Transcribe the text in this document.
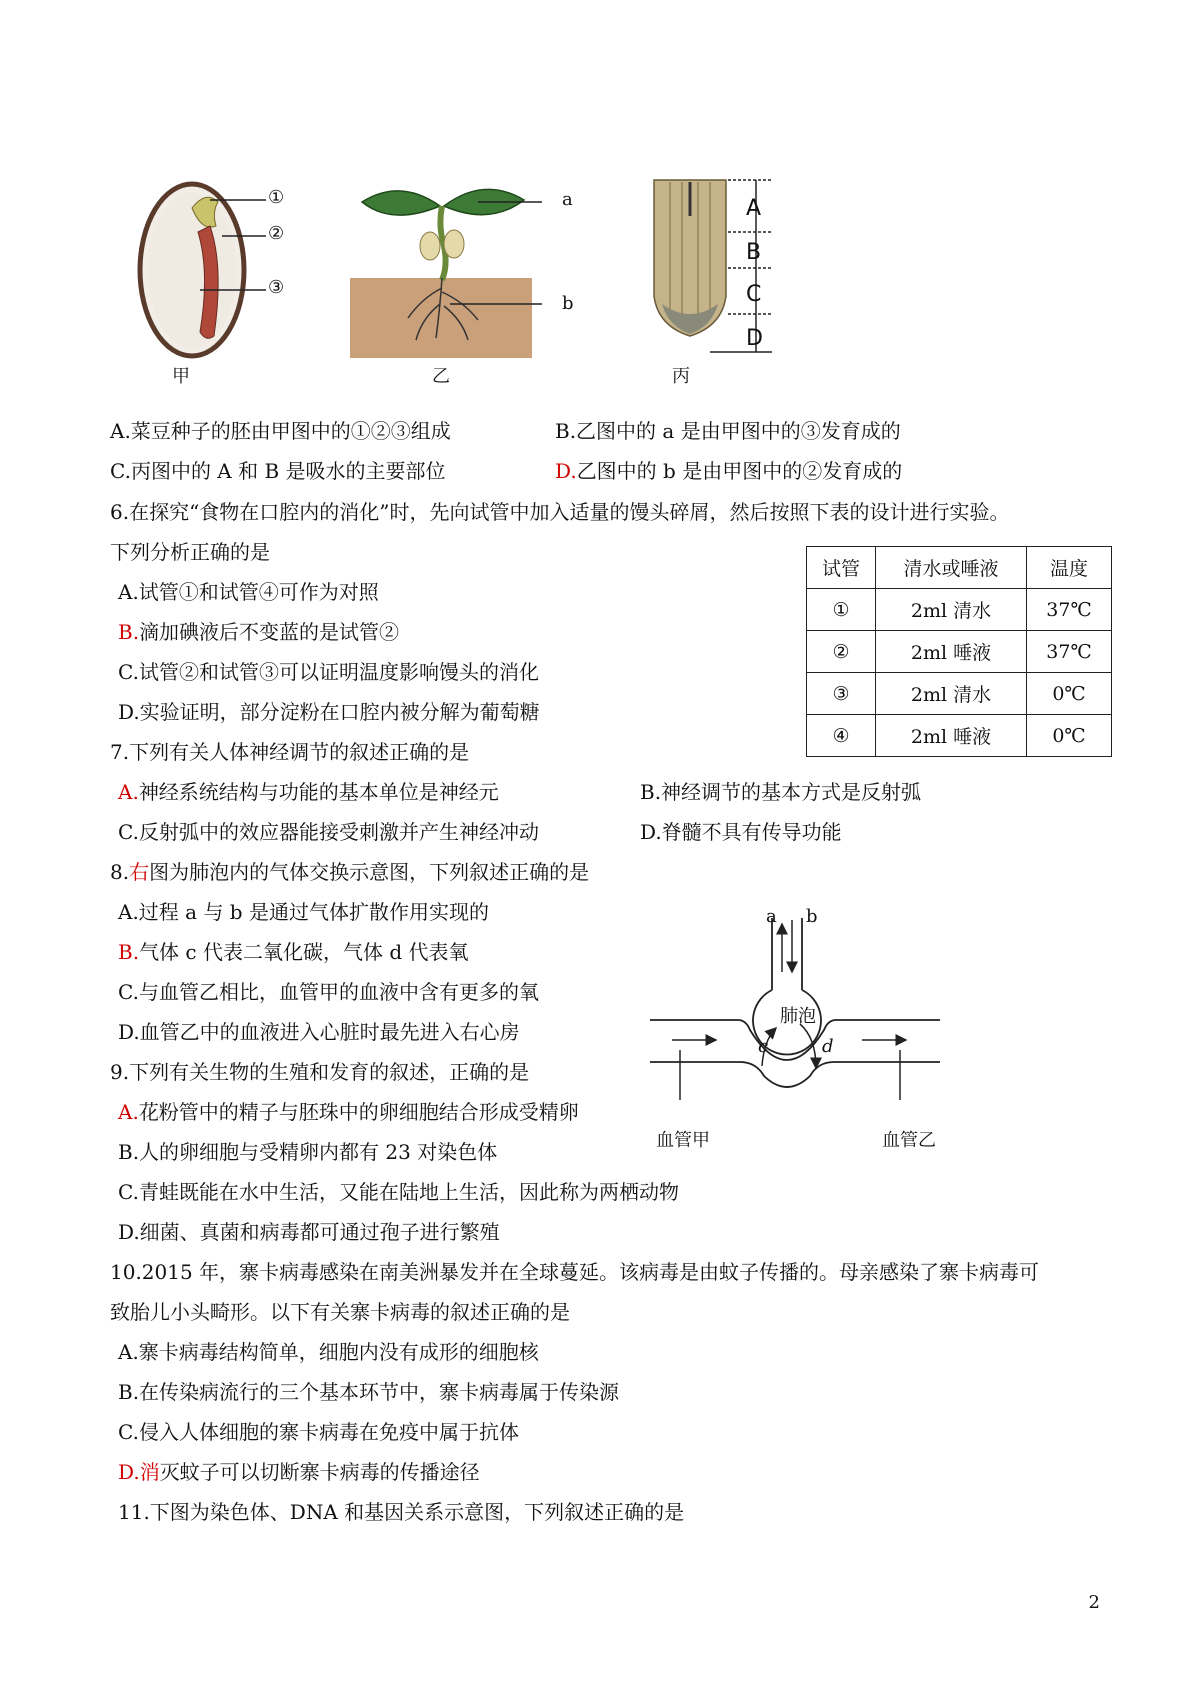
①
②
③
甲
a
b
乙
A
B
C
D
丙
A.菜豆种子的胚由甲图中的①②③组成	B.乙图中的 a 是由甲图中的③发育成的
C.丙图中的 A 和 B 是吸水的主要部位	D.乙图中的 b 是由甲图中的②发育成的
6.在探究“食物在口腔内的消化”时，先向试管中加入适量的馒头碎屑，然后按照下表的设计进行实验。
下列分析正确的是
A.试管①和试管④可作为对照
B.滴加碘液后不变蓝的是试管②
C.试管②和试管③可以证明温度影响馒头的消化
D.实验证明，部分淀粉在口腔内被分解为葡萄糖
试管	清水或唾液	温度
①	2ml 清水	37℃
②	2ml 唾液	37℃
③	2ml 清水	0℃
④	2ml 唾液	0℃
7.下列有关人体神经调节的叙述正确的是
A.神经系统结构与功能的基本单位是神经元	B.神经调节的基本方式是反射弧
C.反射弧中的效应器能接受刺激并产生神经冲动	D.脊髓不具有传导功能
8.右图为肺泡内的气体交换示意图，下列叙述正确的是
A.过程 a 与 b 是通过气体扩散作用实现的
B.气体 c 代表二氧化碳，气体 d 代表氧
C.与血管乙相比，血管甲的血液中含有更多的氧
D.血管乙中的血液进入心脏时最先进入右心房
a b
肺泡
c	d
血管甲	血管乙
9.下列有关生物的生殖和发育的叙述，正确的是
A.花粉管中的精子与胚珠中的卵细胞结合形成受精卵
B.人的卵细胞与受精卵内都有 23 对染色体
C.青蛙既能在水中生活，又能在陆地上生活，因此称为两栖动物
D.细菌、真菌和病毒都可通过孢子进行繁殖
10.2015 年，寨卡病毒感染在南美洲暴发并在全球蔓延。该病毒是由蚊子传播的。母亲感染了寨卡病毒可
致胎儿小头畸形。以下有关寨卡病毒的叙述正确的是
A.寨卡病毒结构简单，细胞内没有成形的细胞核
B.在传染病流行的三个基本环节中，寨卡病毒属于传染源
C.侵入人体细胞的寨卡病毒在免疫中属于抗体
D.消灭蚊子可以切断寨卡病毒的传播途径
11.下图为染色体、DNA 和基因关系示意图，下列叙述正确的是
2
